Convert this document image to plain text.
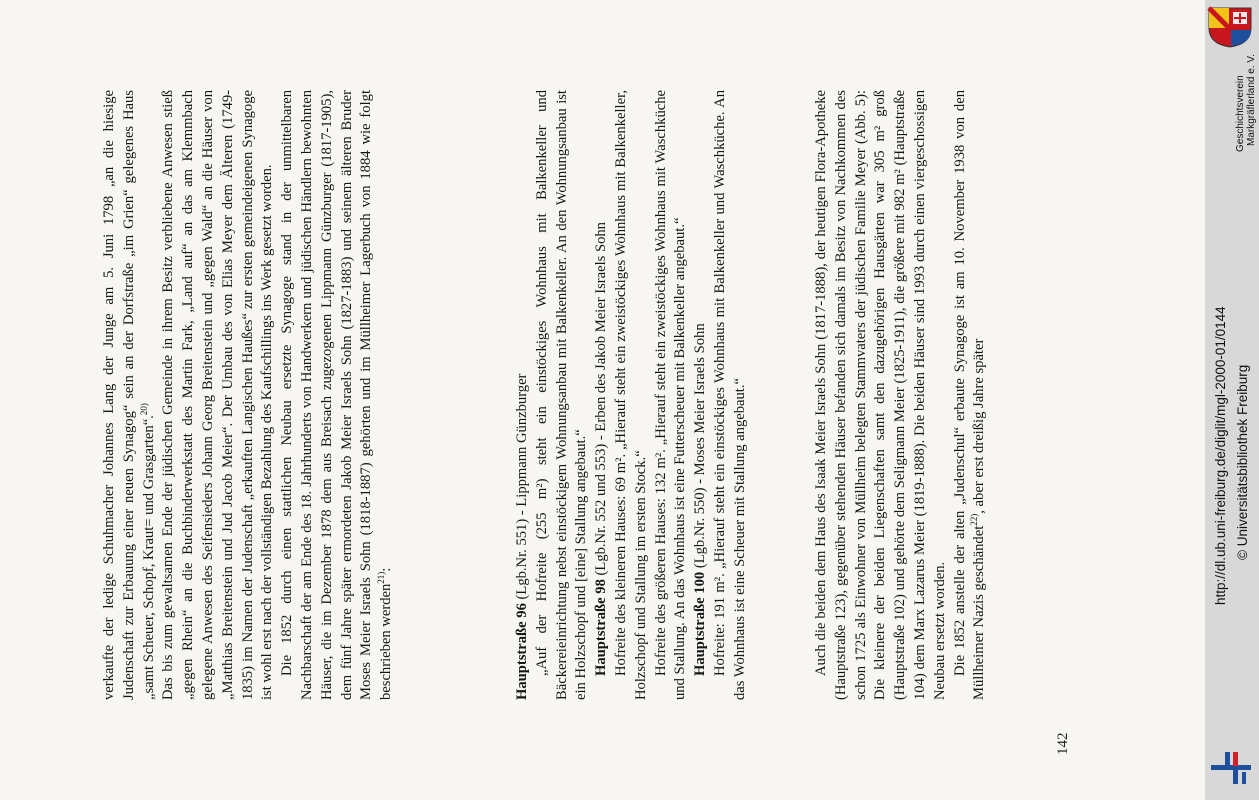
verkaufte der ledige Schuhmacher Johannes Lang der Junge am 5. Juni 1798 „an die hiesige Judenschaft zur Erbauung einer neuen Synagog“ sein an der Dorfstraße „im Grien“ gelegenes Haus „samt Scheuer, Schopf, Kraut= und Grasgarten“.$^{20)}$ Das bis zum gewaltsamen Ende der jüdischen Gemeinde in ihrem Besitz verbliebene Anwesen stieß „gegen Rhein“ an die Buchbinderwerkstatt des Martin Fark, „Land auf“ an das am Klemmbach gelegene Anwesen des Seifensieders Johann Georg Breitenstein und „gegen Wald“ an die Häuser von „Matthias Breitenstein und Jud Jacob Meier“. Der Umbau des von Elias Meyer dem Älteren (1749-1835) im Namen der Judenschaft „erkauften Langischen Haußes“ zur ersten gemeindeigenen Synagoge ist wohl erst nach der vollständigen Bezahlung des Kaufschillings ins Werk gesetzt worden. Die 1852 durch einen stattlichen Neubau ersetzte Synagoge stand in der unmittelbaren Nachbarschaft der am Ende des 18. Jahrhunderts von Handwerkern und jüdischen Händlern bewohnten Häuser, die im Dezember 1878 dem aus Breisach zugezogenen Lippmann Günzburger (1817-1905), dem fünf Jahre später ermordeten Jakob Meier Israels Sohn (1827-1883) und seinem älteren Bruder Moses Meier Israels Sohn (1818-1887) gehörten und im Müllheimer Lagerbuch von 1884 wie folgt beschrieben werden$^{21)}$:

Hauptstraße 96 (Lgb.Nr. 551) - Lippmann Günzburger „Auf der Hofreite (255 m²) steht ein einstöckiges Wohnhaus mit Balkenkeller und Bäckereieinrichtung nebst einstöckigem Wohnungsanbau mit Balkenkeller. An den Wohnungsanbau ist ein Holzschopf und [eine] Stallung angebaut.“ Hauptstraße 98 (Lgb.Nr. 552 und 553) - Erben des Jakob Meier Israels Sohn Hofreite des kleineren Hauses: 69 m². „Hierauf steht ein zweistöckiges Wohnhaus mit Balkenkeller, Holzschopf und Stallung im ersten Stock.“ Hofreite des größeren Hauses: 132 m². „Hierauf steht ein zweistöckiges Wohnhaus mit Waschküche und Stallung. An das Wohnhaus ist eine Futterscheuer mit Balkenkeller angebaut.“ Hauptstraße 100 (Lgb.Nr. 550) - Moses Meier Israels Sohn Hofreite: 191 m². „Hierauf steht ein einstöckiges Wohnhaus mit Balkenkeller und Waschküche. An das Wohnhaus ist eine Scheuer mit Stallung angebaut.“	Auch die beiden dem Haus des Isaak Meier Israels Sohn (1817-1888), der heutigen Flora-Apotheke (Hauptstraße 123), gegenüber stehenden Häuser befanden sich damals im Besitz von Nachkommen des schon 1725 als Einwohner von Müllheim belegten Stammvaters der jüdischen Familie Meyer (Abb. 5): Die kleinere der beiden Liegenschaften samt den dazugehörigen Hausgärten war 305 m² groß (Hauptstraße 102) und gehörte dem Seligmann Meier (1825-1911), die größere mit 982 m² (Hauptstraße 104) dem Marx Lazarus Meier (1819-1888). Die beiden Häuser sind 1993 durch einen viergeschossigen Neubau ersetzt worden. Die 1852 anstelle der alten „Judenschul“ erbaute Synagoge ist am 10. November 1938 von den Müllheimer Nazis geschändet$^{22)}$, aber erst dreißig Jahre später

142
http://dl.ub.uni-freiburg.de/diglit/mgl-2000-01/0144 © Universitätsbibliothek Freiburg
Geschichtsverein Markgräflerland e. V.
